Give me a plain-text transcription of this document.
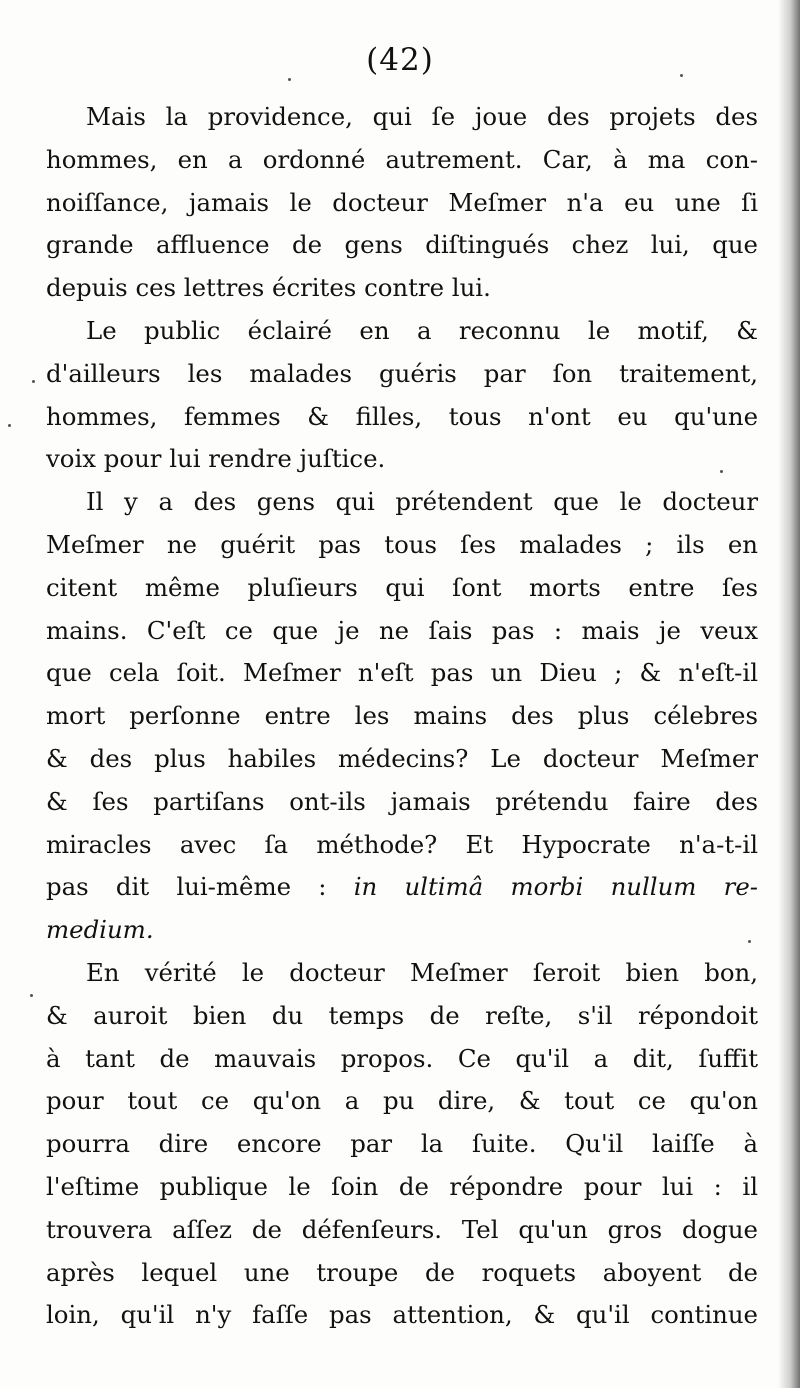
(42)
Mais la providence, qui ſe joue des projets des
hommes, en a ordonné autrement. Car, à ma con-
noiſſance, jamais le docteur Meſmer n'a eu une ſi
grande affluence de gens diſtingués chez lui, que
depuis ces lettres écrites contre lui.
Le public éclairé en a reconnu le motif, &
d'ailleurs les malades guéris par ſon traitement,
hommes, femmes & filles, tous n'ont eu qu'une
voix pour lui rendre juſtice.
Il y a des gens qui prétendent que le docteur
Meſmer ne guérit pas tous ſes malades ; ils en
citent même pluſieurs qui ſont morts entre ſes
mains. C'eſt ce que je ne ſais pas : mais je veux
que cela ſoit. Meſmer n'eſt pas un Dieu ; & n'eſt-il
mort perſonne entre les mains des plus célebres
& des plus habiles médecins? Le docteur Meſmer
& ſes partiſans ont-ils jamais prétendu faire des
miracles avec ſa méthode? Et Hypocrate n'a-t-il
pas dit lui-même : in ultimâ morbi nullum re-
medium.
En vérité le docteur Meſmer ſeroit bien bon,
& auroit bien du temps de reſte, s'il répondoit
à tant de mauvais propos. Ce qu'il a dit, ſuffit
pour tout ce qu'on a pu dire, & tout ce qu'on
pourra dire encore par la ſuite. Qu'il laiſſe à
l'eſtime publique le ſoin de répondre pour lui : il
trouvera aſſez de défenſeurs. Tel qu'un gros dogue
après lequel une troupe de roquets aboyent de
loin, qu'il n'y faſſe pas attention, & qu'il continue
